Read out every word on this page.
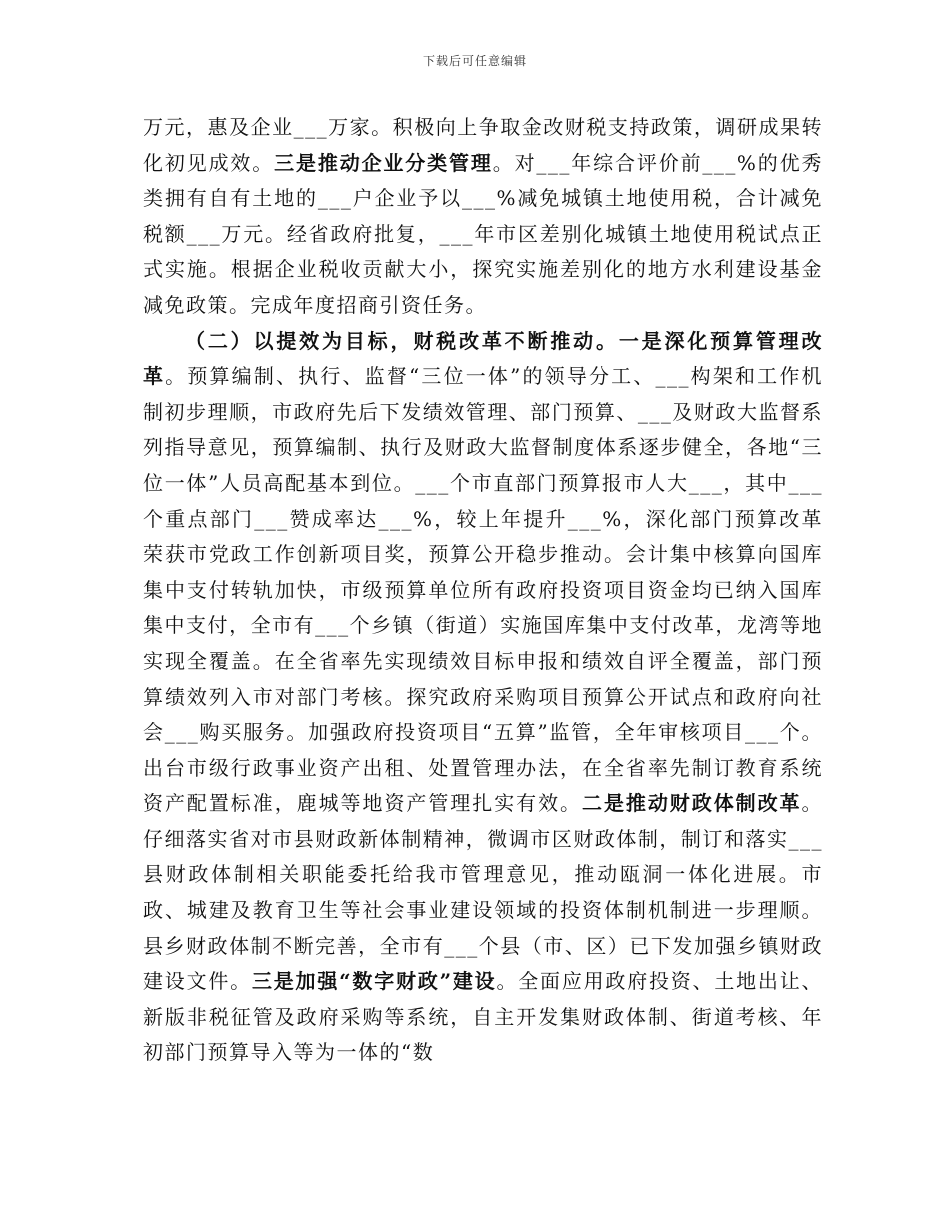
下载后可任意编辑

万元，惠及企业___万家。积极向上争取金改财税支持政策，调研成果转化初见成效。三是推动企业分类管理。对___年综合评价前___%的优秀类拥有自有土地的___户企业予以___%减免城镇土地使用税，合计减免税额___万元。经省政府批复，___年市区差别化城镇土地使用税试点正式实施。根据企业税收贡献大小，探究实施差别化的地方水利建设基金减免政策。完成年度招商引资任务。

（二）以提效为目标，财税改革不断推动。一是深化预算管理改革。预算编制、执行、监督“三位一体”的领导分工、___构架和工作机制初步理顺，市政府先后下发绩效管理、部门预算、___及财政大监督系列指导意见，预算编制、执行及财政大监督制度体系逐步健全，各地“三位一体”人员高配基本到位。___个市直部门预算报市人大___，其中___个重点部门___赞成率达___%，较上年提升___%，深化部门预算改革荣获市党政工作创新项目奖，预算公开稳步推动。会计集中核算向国库集中支付转轨加快，市级预算单位所有政府投资项目资金均已纳入国库集中支付，全市有___个乡镇（街道）实施国库集中支付改革，龙湾等地实现全覆盖。在全省率先实现绩效目标申报和绩效自评全覆盖，部门预算绩效列入市对部门考核。探究政府采购项目预算公开试点和政府向社会___购买服务。加强政府投资项目“五算”监管，全年审核项目___个。出台市级行政事业资产出租、处置管理办法，在全省率先制订教育系统资产配置标准，鹿城等地资产管理扎实有效。二是推动财政体制改革。仔细落实省对市县财政新体制精神，微调市区财政体制，制订和落实___县财政体制相关职能委托给我市管理意见，推动瓯洞一体化进展。市政、城建及教育卫生等社会事业建设领域的投资体制机制进一步理顺。县乡财政体制不断完善，全市有___个县（市、区）已下发加强乡镇财政建设文件。三是加强“数字财政”建设。全面应用政府投资、土地出让、新版非税征管及政府采购等系统，自主开发集财政体制、街道考核、年初部门预算导入等为一体的“数
